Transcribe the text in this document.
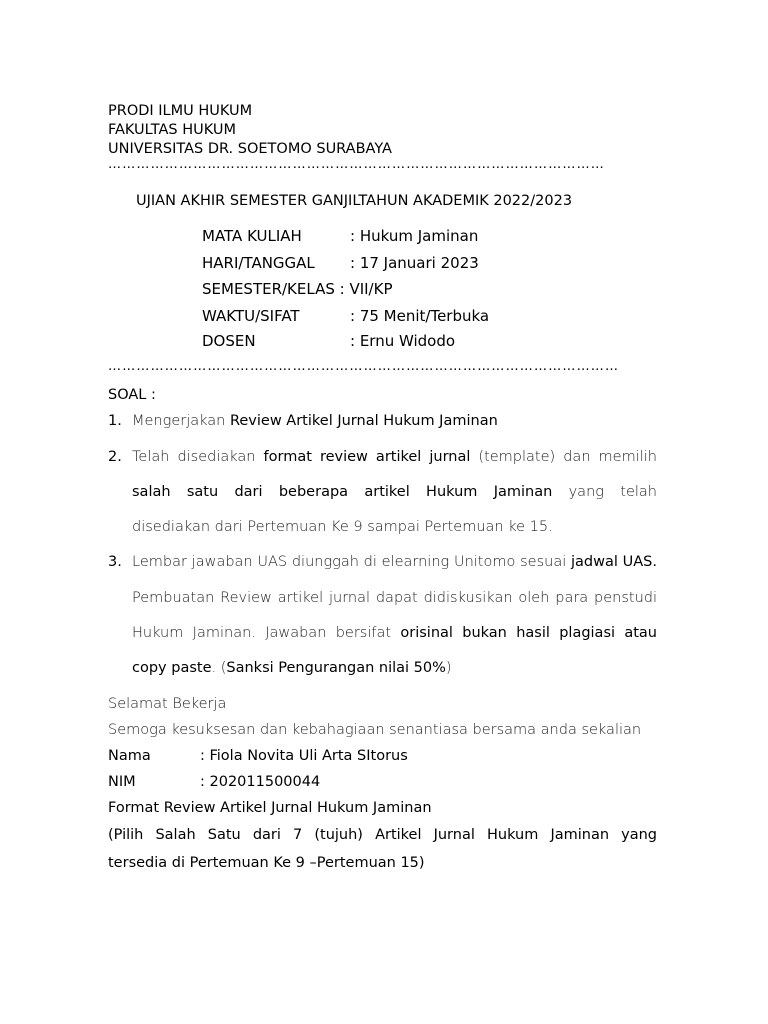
PRODI ILMU HUKUM
FAKULTAS HUKUM
UNIVERSITAS DR. SOETOMO SURABAYA
……………………………………………………………………………………………
UJIAN AKHIR SEMESTER GANJILTAHUN AKADEMIK 2022/2023
MATA KULIAH	: Hukum Jaminan
HARI/TANGGAL : 17 Januari 2023
SEMESTER/KELAS : VII/KP
WAKTU/SIFAT	: 75 Menit/Terbuka
DOSEN	: Ernu Widodo
………………………………………………………………………………………………
SOAL :
1. Mengerjakan Review Artikel Jurnal Hukum Jaminan
2. Telah disediakan format review artikel jurnal (template) dan memilih
salah satu dari beberapa artikel Hukum Jaminan yang telah
disediakan dari Pertemuan Ke 9 sampai Pertemuan ke 15.
3. Lembar jawaban UAS diunggah di elearning Unitomo sesuai jadwal UAS.
Pembuatan Review artikel jurnal dapat didiskusikan oleh para penstudi
Hukum Jaminan. Jawaban bersifat orisinal bukan hasil plagiasi atau
copy paste. (Sanksi Pengurangan nilai 50%)
Selamat Bekerja
Semoga kesuksesan dan kebahagiaan senantiasa bersama anda sekalian
Nama	: Fiola Novita Uli Arta SItorus
NIM	: 202011500044
Format Review Artikel Jurnal Hukum Jaminan
(Pilih Salah Satu dari 7 (tujuh) Artikel Jurnal Hukum Jaminan yang
tersedia di Pertemuan Ke 9 –Pertemuan 15)
